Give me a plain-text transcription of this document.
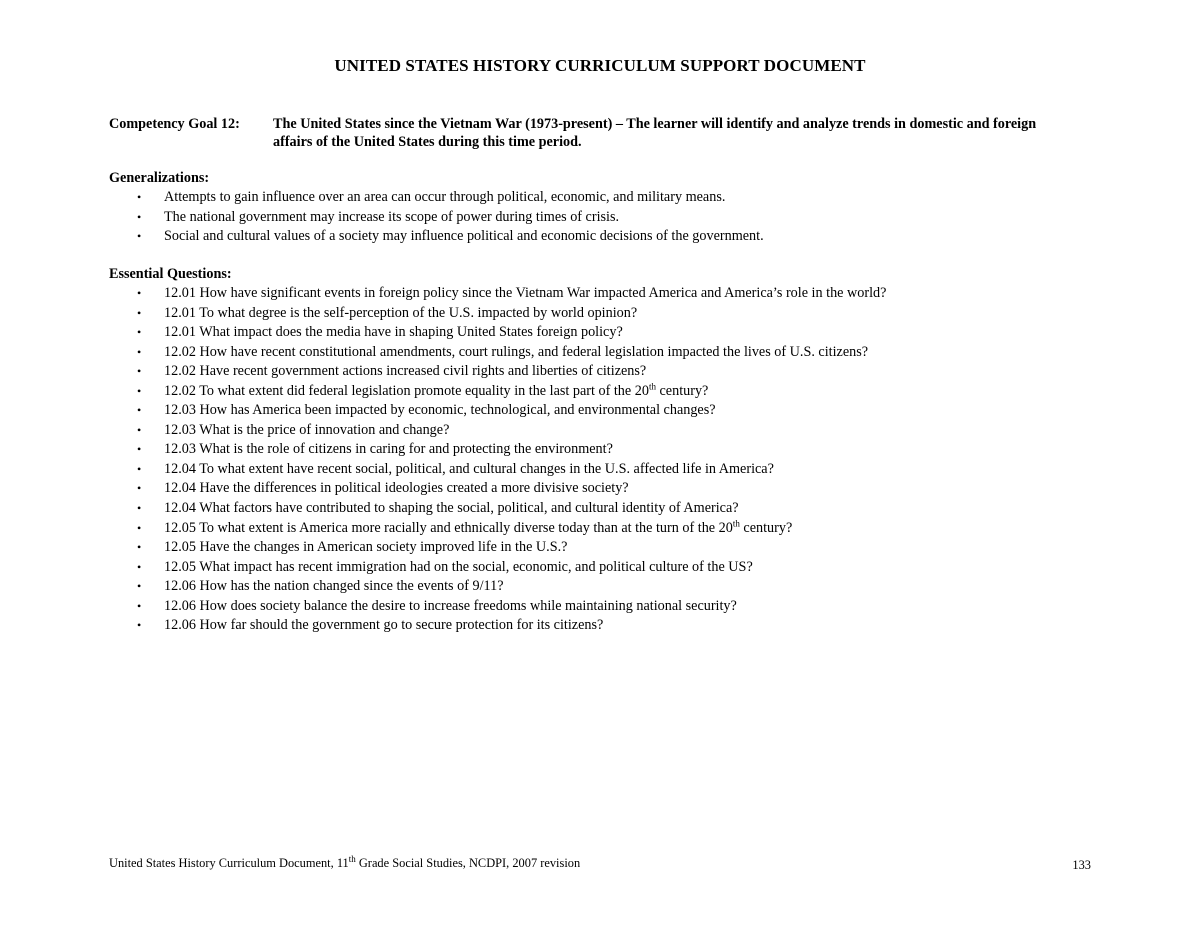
UNITED STATES HISTORY CURRICULUM SUPPORT DOCUMENT
Competency Goal 12: The United States since the Vietnam War (1973-present) – The learner will identify and analyze trends in domestic and foreign affairs of the United States during this time period.
Generalizations:
• Attempts to gain influence over an area can occur through political, economic, and military means.
• The national government may increase its scope of power during times of crisis.
• Social and cultural values of a society may influence political and economic decisions of the government.
Essential Questions:
• 12.01 How have significant events in foreign policy since the Vietnam War impacted America and America’s role in the world?
• 12.01 To what degree is the self-perception of the U.S. impacted by world opinion?
• 12.01 What impact does the media have in shaping United States foreign policy?
• 12.02 How have recent constitutional amendments, court rulings, and federal legislation impacted the lives of U.S. citizens?
• 12.02 Have recent government actions increased civil rights and liberties of citizens?
• 12.02 To what extent did federal legislation promote equality in the last part of the 20th century?
• 12.03 How has America been impacted by economic, technological, and environmental changes?
• 12.03 What is the price of innovation and change?
• 12.03 What is the role of citizens in caring for and protecting the environment?
• 12.04 To what extent have recent social, political, and cultural changes in the U.S. affected life in America?
• 12.04 Have the differences in political ideologies created a more divisive society?
• 12.04 What factors have contributed to shaping the social, political, and cultural identity of America?
• 12.05 To what extent is America more racially and ethnically diverse today than at the turn of the 20th century?
• 12.05 Have the changes in American society improved life in the U.S.?
• 12.05 What impact has recent immigration had on the social, economic, and political culture of the US?
• 12.06 How has the nation changed since the events of 9/11?
• 12.06 How does society balance the desire to increase freedoms while maintaining national security?
• 12.06 How far should the government go to secure protection for its citizens?
United States History Curriculum Document, 11th Grade Social Studies, NCDPI, 2007 revision	133
